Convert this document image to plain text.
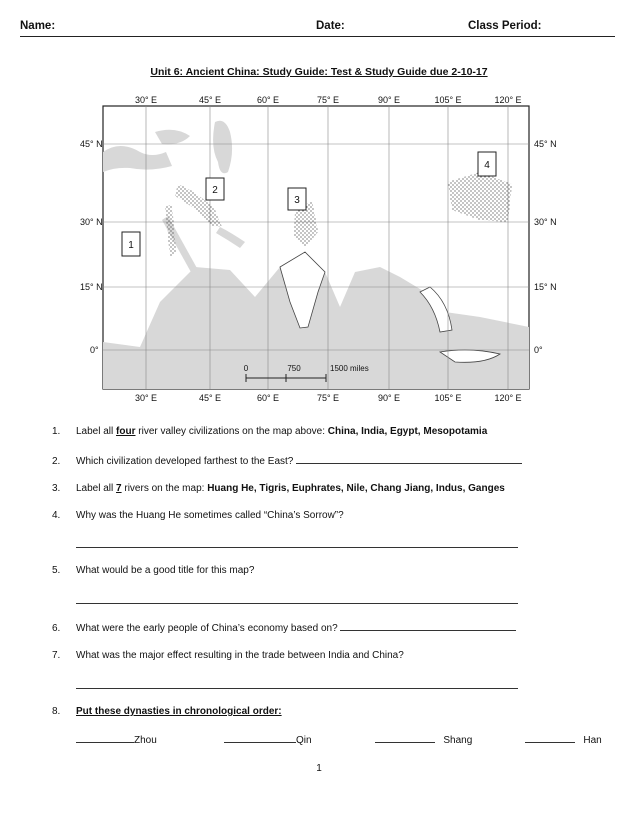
Name:	Date:	Class Period:
Unit 6: Ancient China: Study Guide: Test & Study Guide due 2-10-17
0	750	1500 miles
1
2
3
4
30° E	45° E	60° E	75° E	90° E	105° E	120° E
30° E	45° E	60° E	75° E	90° E	105° E	120° E
45° N
30° N
15° N
0°
45° N
30° N
15° N
0°
1. Label all four river valley civilizations on the map above: China, India, Egypt, Mesopotamia
2. Which civilization developed farthest to the East?
3. Label all 7 rivers on the map: Huang He, Tigris, Euphrates, Nile, Chang Jiang, Indus, Ganges
4. Why was the Huang He sometimes called “China’s Sorrow”?
5. What would be a good title for this map?
6. What were the early people of China’s economy based on?
7. What was the major effect resulting in the trade between India and China?
8. Put these dynasties in chronological order:
Zhou	Qin	Shang	Han
1
